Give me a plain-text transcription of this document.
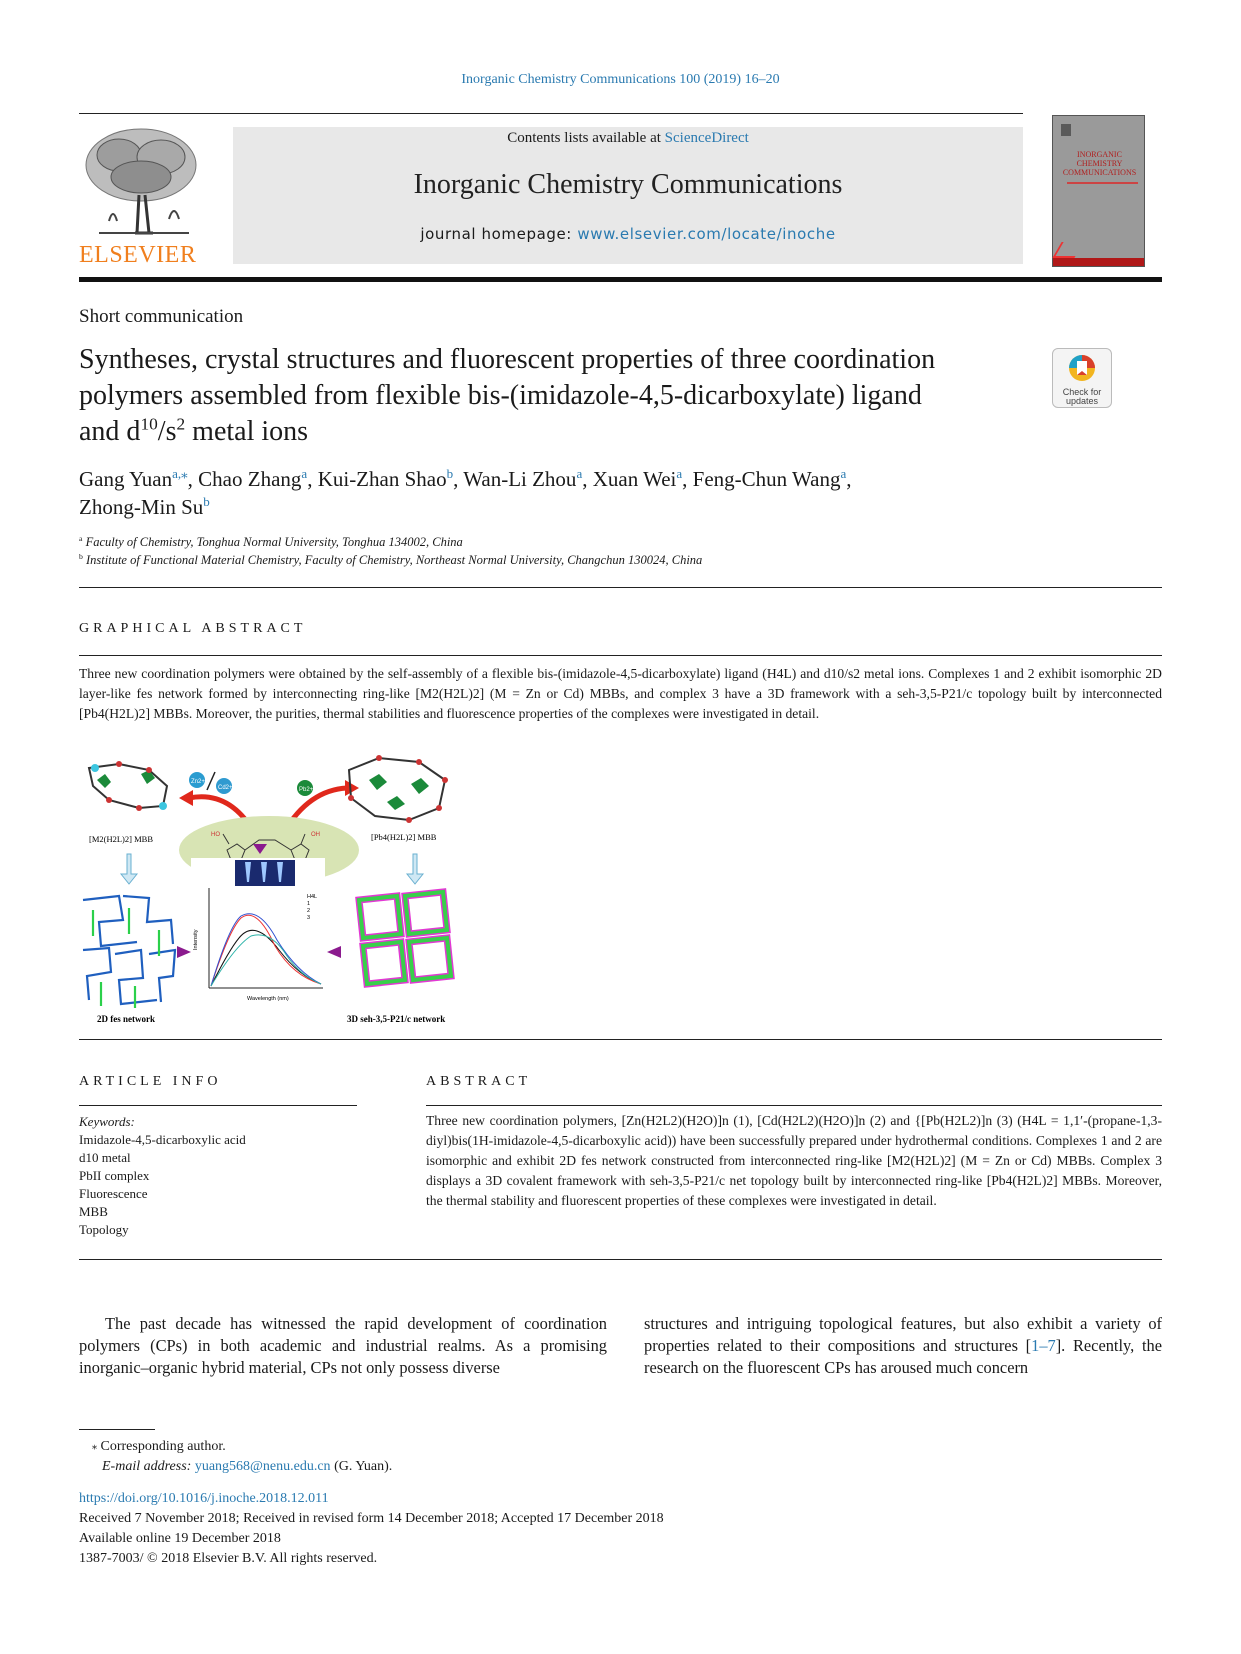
Inorganic Chemistry Communications 100 (2019) 16–20
ELSEVIER
Contents lists available at ScienceDirect
Inorganic Chemistry Communications
journal homepage: www.elsevier.com/locate/inoche
INORGANIC CHEMISTRY COMMUNICATIONS
Short communication
Syntheses, crystal structures and fluorescent properties of three coordination
polymers assembled from flexible bis-(imidazole-4,5-dicarboxylate) ligand
and $d^{10}/s^2$ metal ions
Check for updates
Gang Yuan$^{a,⁎}$, Chao Zhang$^a$, Kui-Zhan Shao$^b$, Wan-Li Zhou$^a$, Xuan Wei$^a$, Feng-Chun Wang$^a$,
Zhong-Min Su$^b$
$^a$ Faculty of Chemistry, Tonghua Normal University, Tonghua 134002, China
$^b$ Institute of Functional Material Chemistry, Faculty of Chemistry, Northeast Normal University, Changchun 130024, China
GRAPHICAL ABSTRACT
Three new coordination polymers were obtained by the self-assembly of a flexible bis-(imidazole-4,5-dicarboxylate) ligand (H4L) and d10/s2 metal ions. Complexes 1 and 2 exhibit isomorphic 2D layer-like fes network formed by interconnecting ring-like [M2(H2L)2] (M = Zn or Cd) MBBs, and complex 3 have a 3D framework with a seh-3,5-P21/c topology built by interconnected [Pb4(H2L)2] MBBs. Moreover, the purities, thermal stabilities and fluorescence properties of the complexes were investigated in detail.
[M2(H2L)2] MBB
Zn2+
Cd2+	Pb2+
HO	OH	[Pb4(H2L)2] MBB
2D fes network
H4L
1
2
3
Wavelength (nm)
Intensity
3D seh-3,5-P21/c network
ARTICLE INFO
Keywords:
Imidazole-4,5-dicarboxylic acid
d10 metal
PbII complex
Fluorescence
MBB
Topology
ABSTRACT
Three new coordination polymers, [Zn(H2L2)(H2O)]n (1), [Cd(H2L2)(H2O)]n (2) and {[Pb(H2L2)]n (3) (H4L = 1,1′-(propane-1,3-diyl)bis(1H-imidazole-4,5-dicarboxylic acid)) have been successfully prepared under hydrothermal conditions. Complexes 1 and 2 are isomorphic and exhibit 2D fes network constructed from interconnected ring-like [M2(H2L)2] (M = Zn or Cd) MBBs. Complex 3 displays a 3D covalent framework with seh-3,5-P21/c net topology built by interconnected ring-like [Pb4(H2L)2] MBBs. Moreover, the thermal stability and fluorescent properties of these complexes were investigated in detail.
The past decade has witnessed the rapid development of coordination polymers (CPs) in both academic and industrial realms. As a promising inorganic–organic hybrid material, CPs not only possess diverse
structures and intriguing topological features, but also exhibit a variety of properties related to their compositions and structures [1–7]. Recently, the research on the fluorescent CPs has aroused much concern
⁎ Corresponding author.
E-mail address: yuang568@nenu.edu.cn (G. Yuan).
https://doi.org/10.1016/j.inoche.2018.12.011
Received 7 November 2018; Received in revised form 14 December 2018; Accepted 17 December 2018
Available online 19 December 2018
1387-7003/ © 2018 Elsevier B.V. All rights reserved.
